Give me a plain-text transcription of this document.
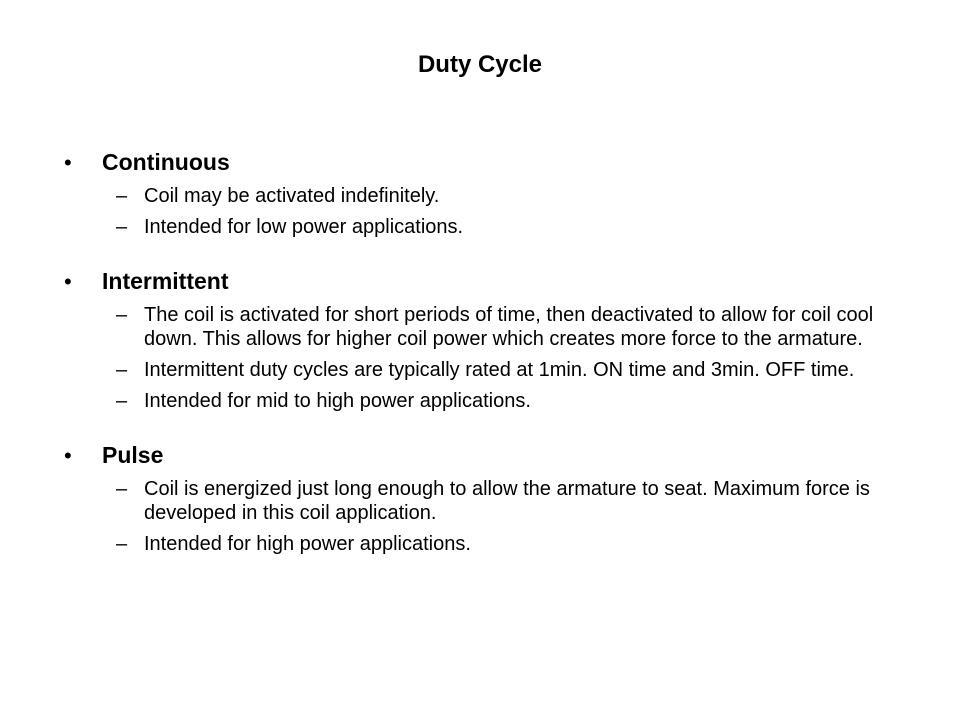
Duty Cycle
•	Continuous
– Coil may be activated indefinitely.
– Intended for low power applications.
•	Intermittent
– The coil is activated for short periods of time, then deactivated to allow for coil cool down. This allows for higher coil power which creates more force to the armature.
– Intermittent duty cycles are typically rated at 1min. ON time and 3min. OFF time.
– Intended for mid to high power applications.
•	Pulse
– Coil is energized just long enough to allow the armature to seat. Maximum force is developed in this coil application.
– Intended for high power applications.
